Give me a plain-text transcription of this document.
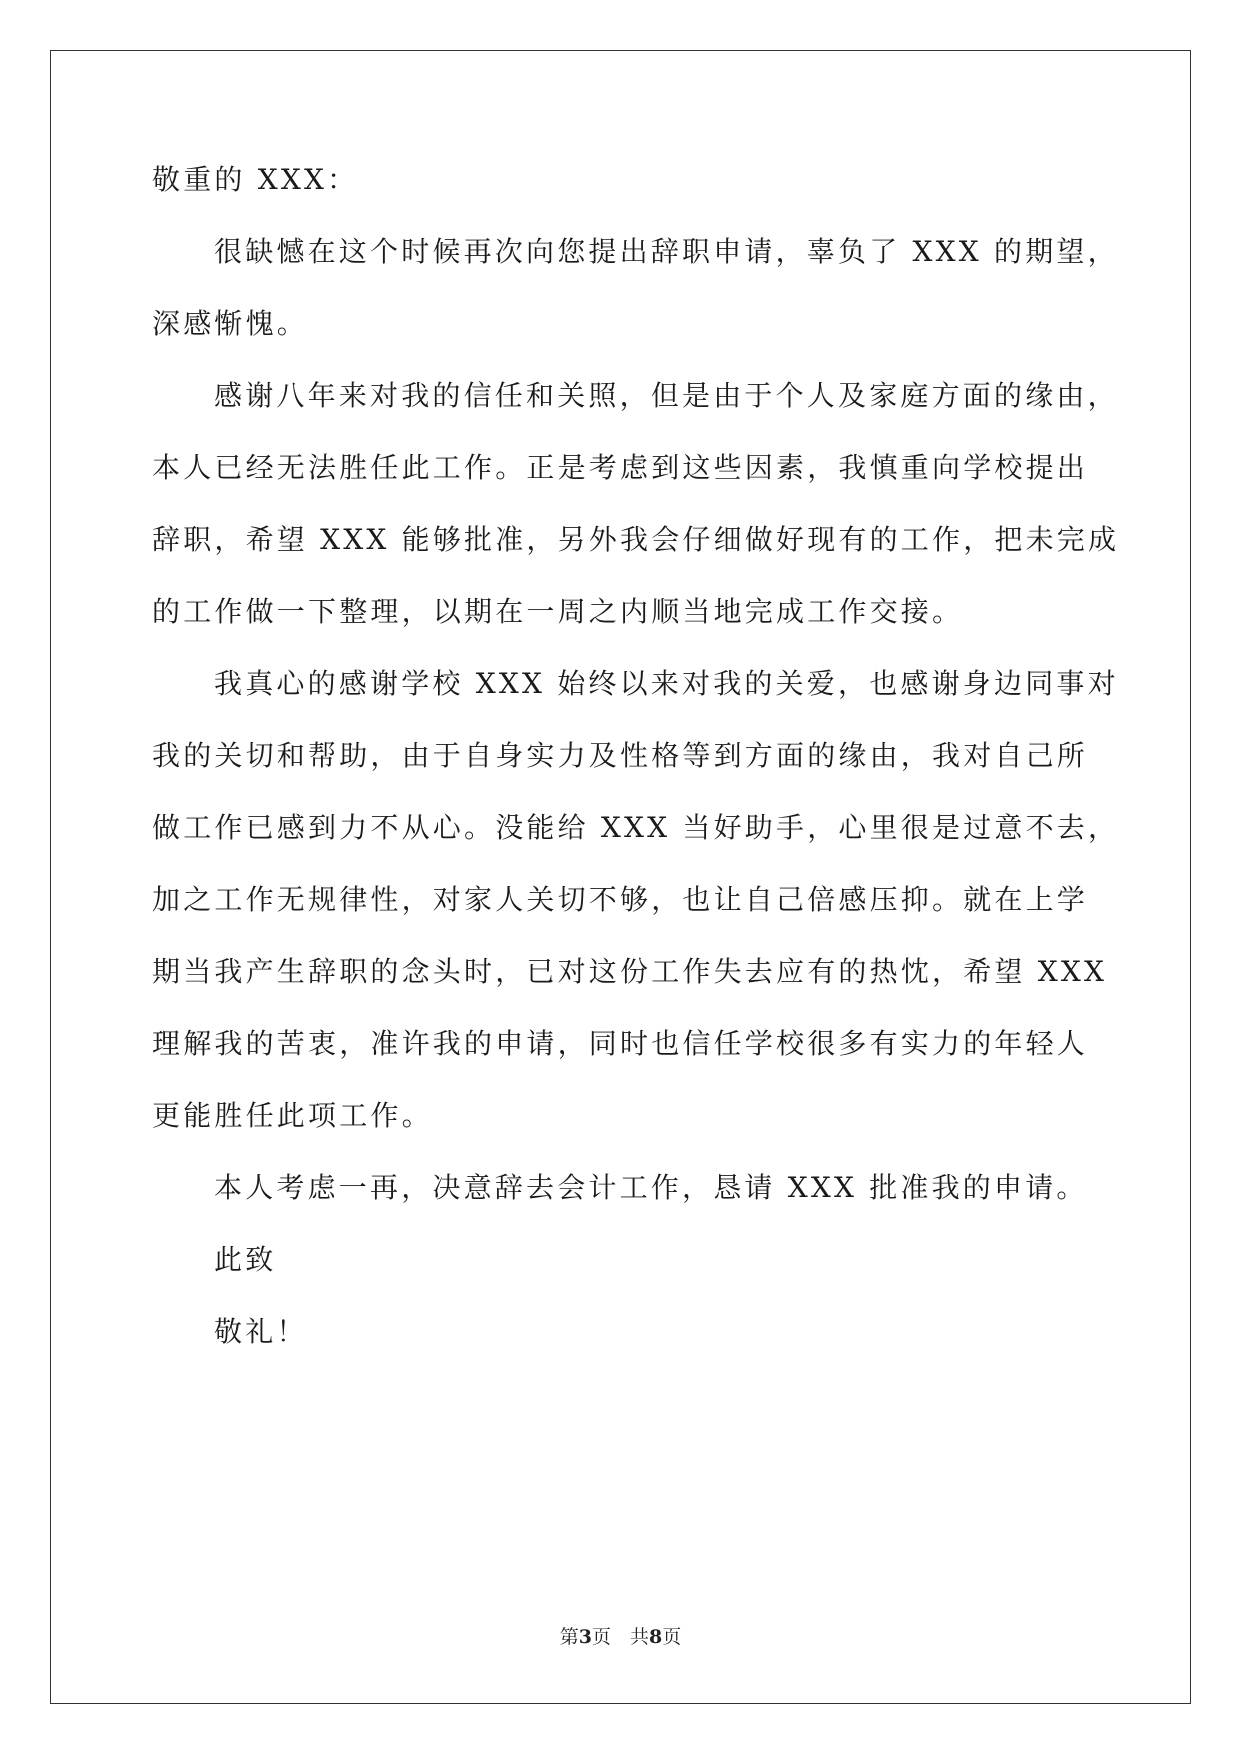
敬重的 XXX：
很缺憾在这个时候再次向您提出辞职申请，辜负了 XXX 的期望，
深感惭愧。
感谢八年来对我的信任和关照，但是由于个人及家庭方面的缘由，
本人已经无法胜任此工作。正是考虑到这些因素，我慎重向学校提出
辞职，希望 XXX 能够批准，另外我会仔细做好现有的工作，把未完成
的工作做一下整理，以期在一周之内顺当地完成工作交接。
我真心的感谢学校 XXX 始终以来对我的关爱，也感谢身边同事对
我的关切和帮助，由于自身实力及性格等到方面的缘由，我对自己所
做工作已感到力不从心。没能给 XXX 当好助手，心里很是过意不去，
加之工作无规律性，对家人关切不够，也让自己倍感压抑。就在上学
期当我产生辞职的念头时，已对这份工作失去应有的热忱，希望 XXX
理解我的苦衷，准许我的申请，同时也信任学校很多有实力的年轻人
更能胜任此项工作。
本人考虑一再，决意辞去会计工作，恳请 XXX 批准我的申请。
此致
敬礼！
第3页　 共8页
